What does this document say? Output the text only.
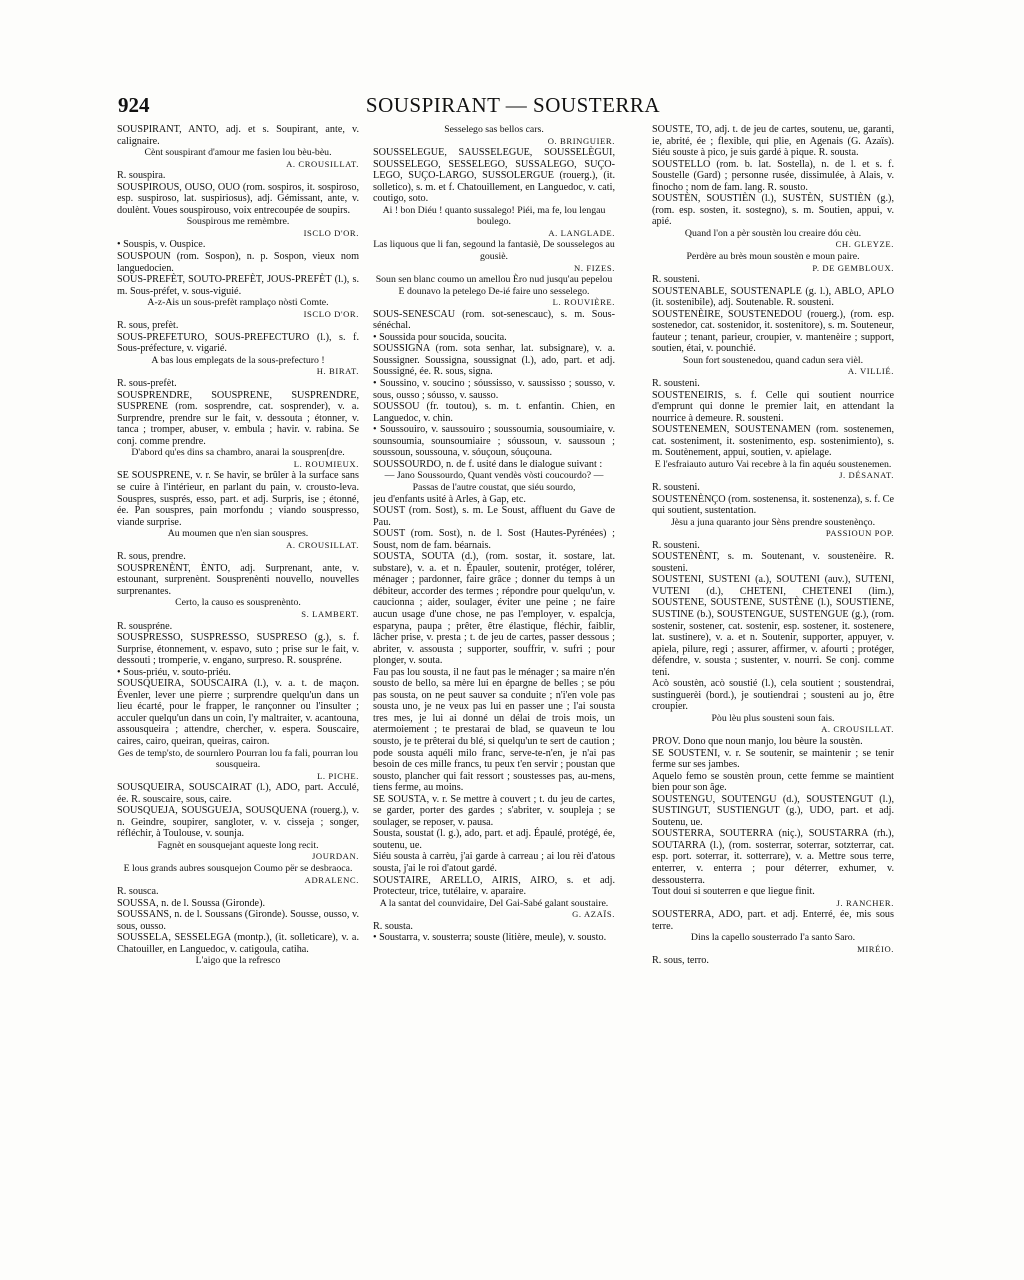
924	SOUSPIRANT — SOUSTERRA

SOUSPIRANT, ANTO, adj. et s. Soupirant, ante, v. calignaire.

Cènt souspirant d'amour me fasien lou bèu-bèu.

A. CROUSILLAT.

R. souspira.

SOUSPIROUS, OUSO, OUO (rom. sospiros, it. sospiroso, esp. suspiroso, lat. suspiriosus), adj. Gémissant, ante, v. doulènt. Voues souspirouso, voix entrecoupée de soupirs.

Souspirous me remèmbre.

ISCLO D'OR.

• Souspis, v. Ouspice.

SOUSPOUN (rom. Sospon), n. p. Sospon, vieux nom languedocien.

SOUS-PREFÈT, SOUTO-PREFÈT, JOUS-PREFÈT (l.), s. m. Sous-préfet, v. sous-viguié.

A-z-Ais un sous-prefèt ramplaço nòsti Comte.

ISCLO D'OR.

R. sous, prefèt.

SOUS-PREFETURO, SOUS-PREFECTURO (l.), s. f. Sous-préfecture, v. vigarié.

A bas lous emplegats de la sous-prefecturo !

H. BIRAT.

R. sous-prefèt.

SOUSPRENDRE, SOUSPRENE, SUSPRENDRE, SUSPRENE (rom. sosprendre, cat. sosprender), v. a. Surprendre, prendre sur le fait, v. dessouta ; étonner, v. tanca ; tromper, abuser, v. embula ; havir. v. rabina. Se conj. comme prendre.

D'abord qu'es dins sa chambro, anarai la souspren[dre.

L. ROUMIEUX.

SE SOUSPRENE, v. r. Se havir, se brûler à la surface sans se cuire à l'intérieur, en parlant du pain, v. crousto-leva. Souspres, susprés, esso, part. et adj. Surpris, ise ; étonné, ée. Pan souspres, pain morfondu ; viando souspresso, viande surprise.

Au moumen que n'en sian souspres.

A. CROUSILLAT.

R. sous, prendre.

SOUSPRENÈNT, ÈNTO, adj. Surprenant, ante, v. estounant, surprenènt. Sousprenènti nouvello, nouvelles surprenantes.

Certo, la causo es sousprenènto.

S. LAMBERT.

R. souspréne.

SOUSPRESSO, SUSPRESSO, SUSPRESO (g.), s. f. Surprise, étonnement, v. espavo, suto ; prise sur le fait, v. dessouti ; tromperie, v. engano, surpreso. R. souspréne.

• Sous-priéu, v. souto-priéu.

SOUSQUEIRA, SOUSCAIRA (l.), v. a. t. de maçon. Évenler, lever une pierre ; surprendre quelqu'un dans un lieu écarté, pour le frapper, le rançonner ou l'insulter ; acculer quelqu'un dans un coin, l'y maltraiter, v. acantouna, assousqueira ; attendre, chercher, v. espera. Souscaire, caires, cairo, queiran, queiras, cairon.

Ges de temp'sto, de sournlero Pourran lou fa fali, pourran lou sousqueira.

L. PICHE.

SOUSQUEIRA, SOUSCAIRAT (l.), ADO, part. Acculé, ée. R. souscaire, sous, caire.

SOUSQUEJA, SOUSGUEJA, SOUSQUENA (rouerg.), v. n. Geindre, soupirer, sangloter, v. v. cisseja ; songer, réfléchir, à Toulouse, v. sounja.

Fagnèt en sousquejant aqueste long recit.

JOURDAN.

E lous grands aubres sousquejon Coumo për se desbraoca.

ADRALENC.

R. sousca.

SOUSSA, n. de l. Soussa (Gironde).

SOUSSANS, n. de l. Soussans (Gironde). Sousse, ousso, v. sous, ousso.

SOUSSELA, SESSELEGA (montp.), (it. solleticare), v. a. Chatouiller, en Languedoc, v. catigoula, catiha.

L'aigo que la refresco

Sesselego sas bellos cars.

O. BRINGUIER.

SOUSSELEGUE, SAUSSELEGUE, SOUSSELÈGUI, SOUSSELEGO, SESSELEGO, SUSSALEGO, SUÇO-LEGO, SUÇO-LARGO, SUSSOLERGUE (rouerg.), (it. solletico), s. m. et f. Chatouillement, en Languedoc, v. cati, coutigo, soto.

Ai ! bon Diéu ! quanto sussalego! Piéi, ma fe, lou lengau boulego.

A. LANGLADE.

Las liquous que li fan, segound la fantasiè, De sousselegos au gousiè.

N. FIZES.

Soun sen blanc coumo un amellou Èro nud jusqu'au pepelou E dounavo la petelego De-ié faire uno sesselego.

L. ROUVIÈRE.

SOUS-SENESCAU (rom. sot-senescauc), s. m. Sous-sénéchal.

• Soussida pour soucida, soucita.

SOUSSIGNA (rom. sota senhar, lat. subsignare), v. a. Soussigner. Soussigna, soussignat (l.), ado, part. et adj. Soussigné, ée. R. sous, signa.

• Soussino, v. soucino ; sóussisso, v. saussisso ; sousso, v. sous, ousso ; sóusso, v. sausso.

SOUSSOU (fr. toutou), s. m. t. enfantin. Chien, en Languedoc, v. chin.

• Soussouiro, v. saussouiro ; soussoumia, sousoumiaire, v. sounsoumia, sounsoumiaire ; sóussoun, v. saussoun ; soussoun, soussouna, v. sóuçoun, sóuçouna.

SOUSSOURDO, n. de f. usité dans le dialogue suivant :

— Jano Soussourdo, Quant vendès vòsti coucourdo? — Passas de l'autre coustat, que siéu sourdo,

jeu d'enfants usité à Arles, à Gap, etc.

SOUST (rom. Sost), s. m. Le Soust, affluent du Gave de Pau.

SOUST (rom. Sost), n. de l. Sost (Hautes-Pyrénées) ; Soust, nom de fam. béarnais.

SOUSTA, SOUTA (d.), (rom. sostar, it. sostare, lat. substare), v. a. et n. Épauler, soutenir, protéger, tolérer, ménager ; pardonner, faire grâce ; donner du temps à un débiteur, accorder des termes ; répondre pour quelqu'un, v. caucionna ; aider, soulager, éviter une peine ; ne faire aucun usage d'une chose, ne pas l'employer, v. espalcja, esparyna, paupa ; prêter, être élastique, fléchir, faiblir, lâcher prise, v. presta ; t. de jeu de cartes, passer dessous ; abriter, v. assousta ; supporter, souffrir, v. sufri ; pour plonger, v. souta.

Fau pas lou sousta, il ne faut pas le ménager ; sa maire n'én sousto de bello, sa mère lui en épargne de belles ; se póu pas sousta, on ne peut sauver sa conduite ; n'i'en vole pas sousta uno, je ne veux pas lui en passer une ; l'ai sousta tres mes, je lui ai donné un délai de trois mois, un atermoiement ; te prestarai de blad, se quaveun te lou sousto, je te prêterai du blé, si quelqu'un te sert de caution ; pode sousta aquéli milo franc, serve-te-n'en, je n'ai pas besoin de ces mille francs, tu peux t'en servir ; poustan que sousto, plancher qui fait ressort ; soustesses pas, au-mens, tiens ferme, au moins.

SE SOUSTA, v. r. Se mettre à couvert ; t. du jeu de cartes, se garder, porter des gardes ; s'abriter, v. soupleja ; se soulager, se reposer, v. pausa.

Sousta, soustat (l. g.), ado, part. et adj. Épaulé, protégé, ée, soutenu, ue.

Siéu sousta à carrèu, j'ai garde à carreau ; ai lou rèi d'atous sousta, j'ai le roi d'atout gardé.

SOUSTAIRE, ARELLO, AIRIS, AIRO, s. et adj. Protecteur, trice, tutélaire, v. aparaire.

A la santat del counvidaire, Del Gai-Sabé galant soustaire.

G. AZAÏS.

R. sousta.

• Soustarra, v. sousterra; souste (litière, meule), v. sousto.

SOUSTE, TO, adj. t. de jeu de cartes, soutenu, ue, garanti, ie, abrité, ée ; flexible, qui plie, en Agenais (G. Azaïs). Siéu souste à pico, je suis gardé à pique. R. sousta.

SOUSTELLO (rom. b. lat. Sostella), n. de l. et s. f. Soustelle (Gard) ; personne rusée, dissimulée, à Alais, v. finocho ; nom de fam. lang. R. sousto.

SOUSTÈN, SOUSTIÈN (l.), SUSTÈN, SUSTIÈN (g.), (rom. esp. sosten, it. sostegno), s. m. Soutien, appui, v. apié.

Quand l'on a pèr soustèn lou creaire dóu cèu.

CH. GLEYZE.

Perdère au brès moun soustèn e moun paire.

P. DE GEMBLOUX.

R. sousteni.

SOUSTENABLE, SOUSTENAPLE (g. l.), ABLO, APLO (it. sostenibile), adj. Soutenable. R. sousteni.

SOUSTENÈIRE, SOUSTENEDOU (rouerg.), (rom. esp. sostenedor, cat. sostenidor, it. sostenitore), s. m. Souteneur, fauteur ; tenant, parieur, croupier, v. mantenèire ; support, soutien, étai, v. pounchié.

Soun fort soustenedou, quand cadun sera vièl.

A. VILLIÉ.

R. sousteni.

SOUSTENEIRIS, s. f. Celle qui soutient nourrice d'emprunt qui donne le premier lait, en attendant la nourrice à demeure. R. sousteni.

SOUSTENEMEN, SOUSTENAMEN (rom. sostenemen, cat. sosteniment, it. sostenimento, esp. sostenimiento), s. m. Soutènement, appui, soutien, v. apielage.

E l'esfraiauto auturo Vai recebre à la fin aquéu soustenemen.

J. DÉSANAT.

R. sousteni.

SOUSTENÈNÇO (rom. sostenensa, it. sostenenza), s. f. Ce qui soutient, sustentation.

Jèsu a juna quaranto jour Sèns prendre soustenènço.

PASSIOUN POP.

R. sousteni.

SOUSTENÈNT, s. m. Soutenant, v. soustenèire. R. sousteni.

SOUSTENI, SUSTENI (a.), SOUTENI (auv.), SUTENI, VUTENI (d.), CHETENI, CHETENEI (lim.), SOUSTENE, SOUSTENE, SUSTÈNE (l.), SOUSTIENE, SUSTINE (b.), SOUSTENGUE, SUSTENGUE (g.), (rom. sostenir, sostener, cat. sostenir, esp. sostener, it. sostenere, lat. sustinere), v. a. et n. Soutenir, supporter, appuyer, v. apiela, pilure, regi ; assurer, affirmer, v. afourti ; protéger, défendre, v. sousta ; sustenter, v. nourri. Se conj. comme teni.

Acò soustèn, acò soustié (l.), cela soutient ; soustendrai, sustinguerèi (bord.), je soutiendrai ; sousteni au jo, être croupier.

Pòu lèu plus sousteni soun fais.

A. CROUSILLAT.

PROV. Dono que noun manjo, lou bèure la soustèn.

SE SOUSTENI, v. r. Se soutenir, se maintenir ; se tenir ferme sur ses jambes.

Aquelo femo se soustèn proun, cette femme se maintient bien pour son âge.

SOUSTENGU, SOUTENGU (d.), SOUSTENGUT (l.), SUSTINGUT, SUSTIENGUT (g.), UDO, part. et adj. Soutenu, ue.

SOUSTERRA, SOUTERRA (niç.), SOUSTARRA (rh.), SOUTARRA (l.), (rom. sosterrar, soterrar, sotzterrar, cat. esp. port. soterrar, it. sotterrare), v. a. Mettre sous terre, enterrer, v. enterra ; pour déterrer, exhumer, v. dessousterra.

Tout doui si souterren e que liegue finit.

J. RANCHER.

SOUSTERRA, ADO, part. et adj. Enterré, ée, mis sous terre.

Dins la capello sousterrado I'a santo Saro.

MIRÉIO.

R. sous, terro.
